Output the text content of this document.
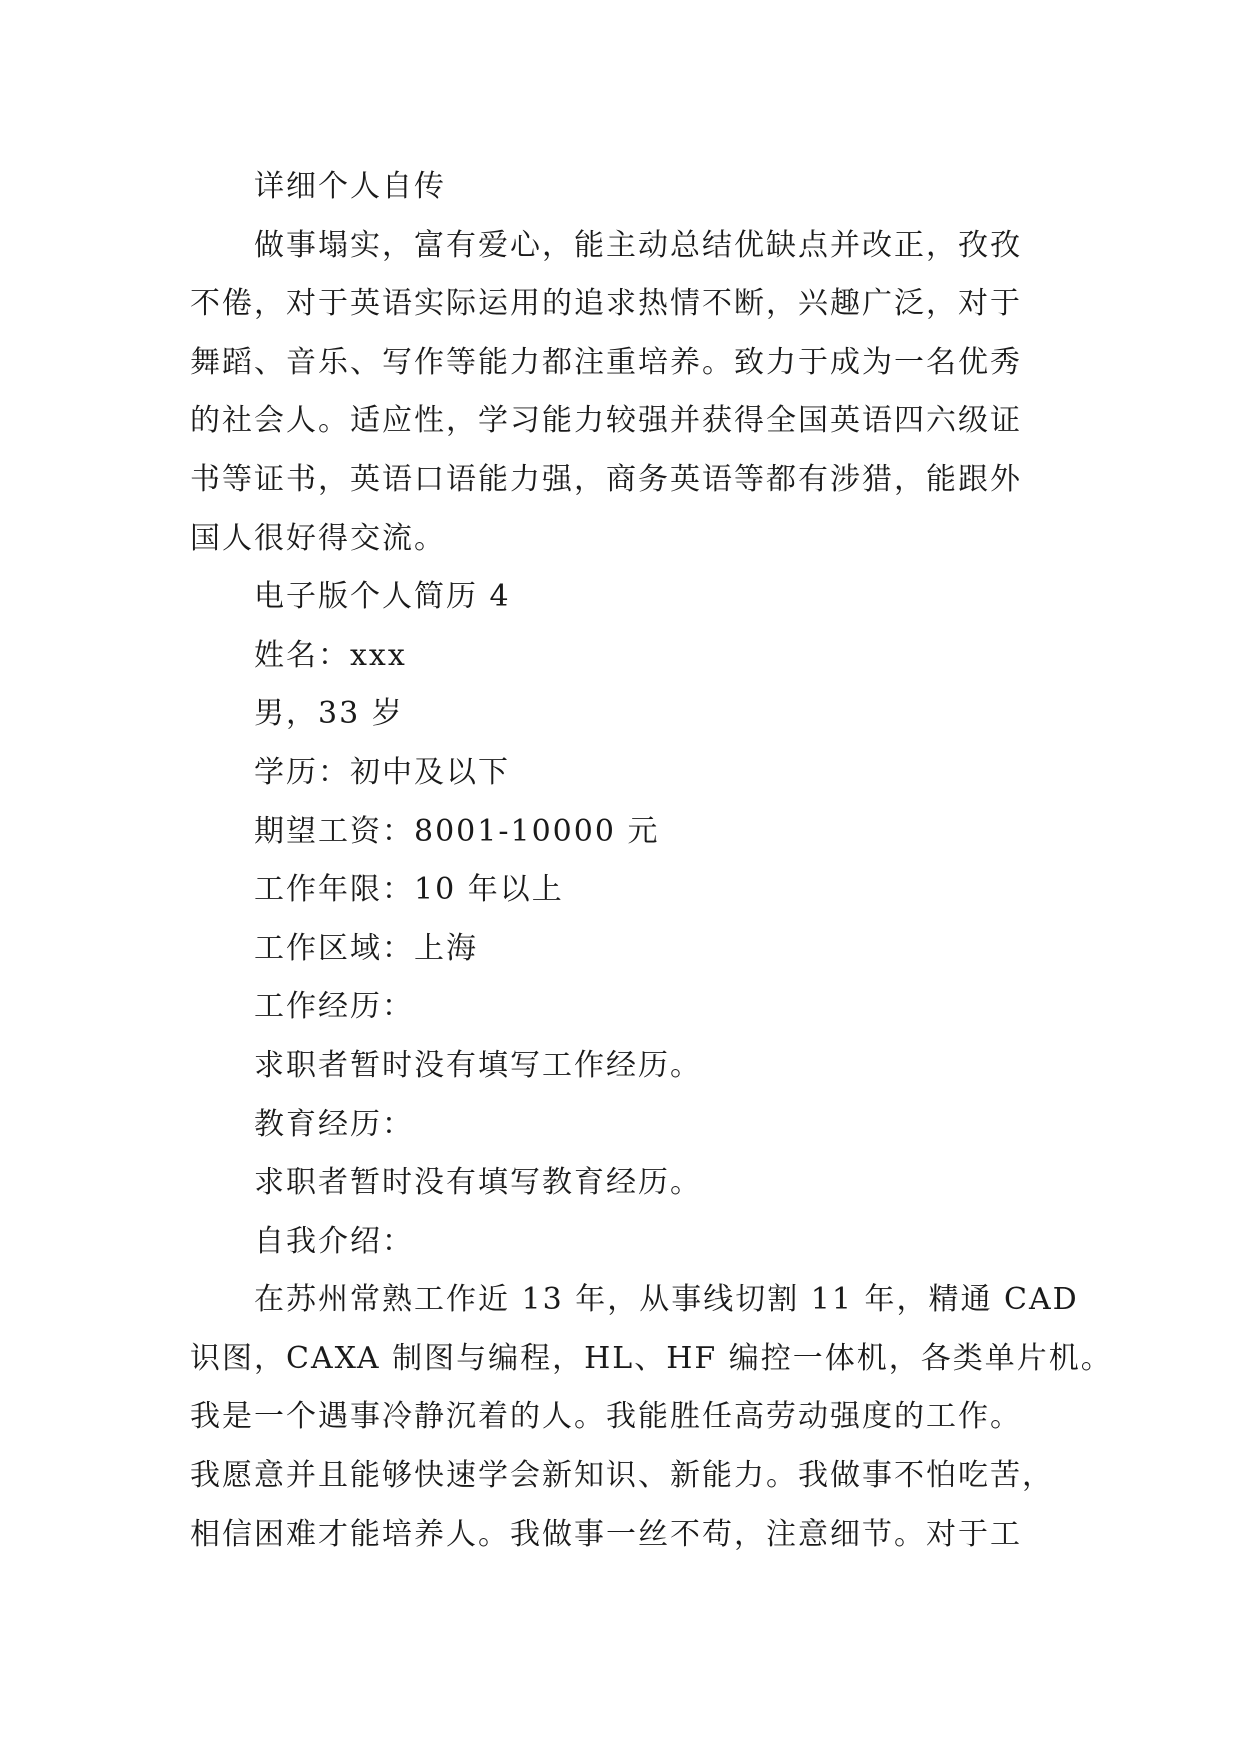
详细个人自传
做事塌实，富有爱心，能主动总结优缺点并改正，孜孜
不倦，对于英语实际运用的追求热情不断，兴趣广泛，对于
舞蹈、音乐、写作等能力都注重培养。致力于成为一名优秀
的社会人。适应性，学习能力较强并获得全国英语四六级证
书等证书，英语口语能力强，商务英语等都有涉猎，能跟外
国人很好得交流。
电子版个人简历 4
姓名：xxx
男，33 岁
学历：初中及以下
期望工资：8001-10000 元
工作年限：10 年以上
工作区域：上海
工作经历：
求职者暂时没有填写工作经历。
教育经历：
求职者暂时没有填写教育经历。
自我介绍：
在苏州常熟工作近 13 年，从事线切割 11 年，精通 CAD
识图，CAXA 制图与编程，HL、HF 编控一体机，各类单片机。
我是一个遇事冷静沉着的人。我能胜任高劳动强度的工作。
我愿意并且能够快速学会新知识、新能力。我做事不怕吃苦，
相信困难才能培养人。我做事一丝不苟，注意细节。对于工
